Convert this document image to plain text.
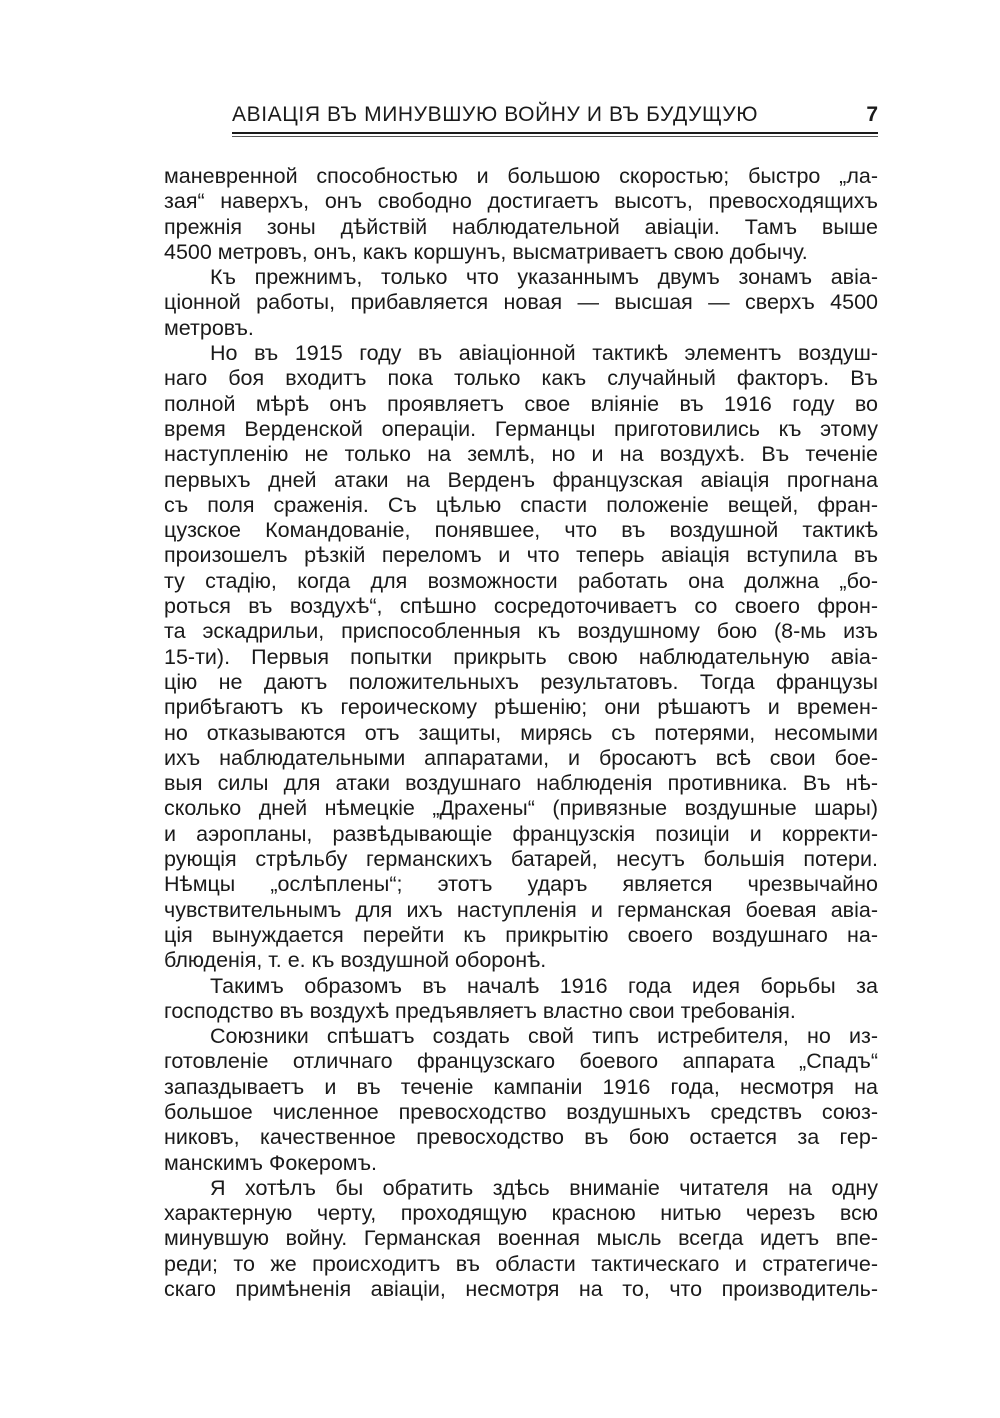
АВIАЦIЯ ВЪ МИНУВШУЮ ВОЙНУ И ВЪ БУДУЩУЮ	7
маневренной способностью и большою скоростью; быстро „ла-
зая“ наверхъ, онъ свободно достигаетъ высотъ, превосходящихъ
прежнiя зоны дѣйствiй наблюдательной авiацiи. Тамъ выше
4500 метровъ, онъ, какъ коршунъ, высматриваетъ свою добычу.
Къ прежнимъ, только что указаннымъ двумъ зонамъ авiа-
цiонной работы, прибавляется новая — высшая — сверхъ 4500
метровъ.
Но въ 1915 году въ авiацiонной тактикѣ элементъ воздуш-
наго боя входитъ пока только какъ случайный факторъ. Въ
полной мѣрѣ онъ проявляетъ свое влiянiе въ 1916 году во
время Верденской операцiи. Германцы приготовились къ этому
наступленiю не только на землѣ, но и на воздухѣ. Въ теченiе
первыхъ дней атаки на Верденъ французская авiацiя прогнана
съ поля сраженiя. Съ цѣлью спасти положенiе вещей, фран-
цузское Командованiе, понявшее, что въ воздушной тактикѣ
произошелъ рѣзкiй переломъ и что теперь авiацiя вступила въ
ту стадiю, когда для возможности работать она должна „бо-
роться въ воздухѣ“, спѣшно сосредоточиваетъ со своего фрон-
та эскадрильи, приспособленныя къ воздушному бою (8-мь изъ
15-ти). Первыя попытки прикрыть свою наблюдательную авiа-
цiю не даютъ положительныхъ результатовъ. Тогда французы
прибѣгаютъ къ героическому рѣшенiю; они рѣшаютъ и времен-
но отказываются отъ защиты, мирясь съ потерями, несомыми
ихъ наблюдательными аппаратами, и бросаютъ всѣ свои бое-
выя силы для атаки воздушнаго наблюденiя противника. Въ нѣ-
сколько дней нѣмецкiе „Драхены“ (привязные воздушные шары)
и аэропланы, развѣдывающiе французскiя позицiи и корректи-
рующiя стрѣльбу германскихъ батарей, несутъ большiя потери.
Нѣмцы „ослѣплены“; этотъ ударъ является чрезвычайно
чувствительнымъ для ихъ наступленiя и германская боевая авiа-
цiя вынуждается перейти къ прикрытiю своего воздушнаго на-
блюденiя, т. е. къ воздушной оборонѣ.
Такимъ образомъ въ началѣ 1916 года идея борьбы за
господство въ воздухѣ предъявляетъ властно свои требованiя.
Союзники спѣшатъ создать свой типъ истребителя, но из-
готовленiе отличнаго французскаго боевого аппарата „Спадъ“
запаздываетъ и въ теченiе кампанiи 1916 года, несмотря на
большое численное превосходство воздушныхъ средствъ союз-
никовъ, качественное превосходство въ бою остается за гер-
манскимъ Фокеромъ.
Я хотѣлъ бы обратить здѣсь вниманiе читателя на одну
характерную черту, проходящую красною нитью черезъ всю
минувшую войну. Германская военная мысль всегда идетъ впе-
реди; то же происходитъ въ области тактическаго и стратегиче-
скаго примѣненiя авiацiи, несмотря на то, что производитель-
